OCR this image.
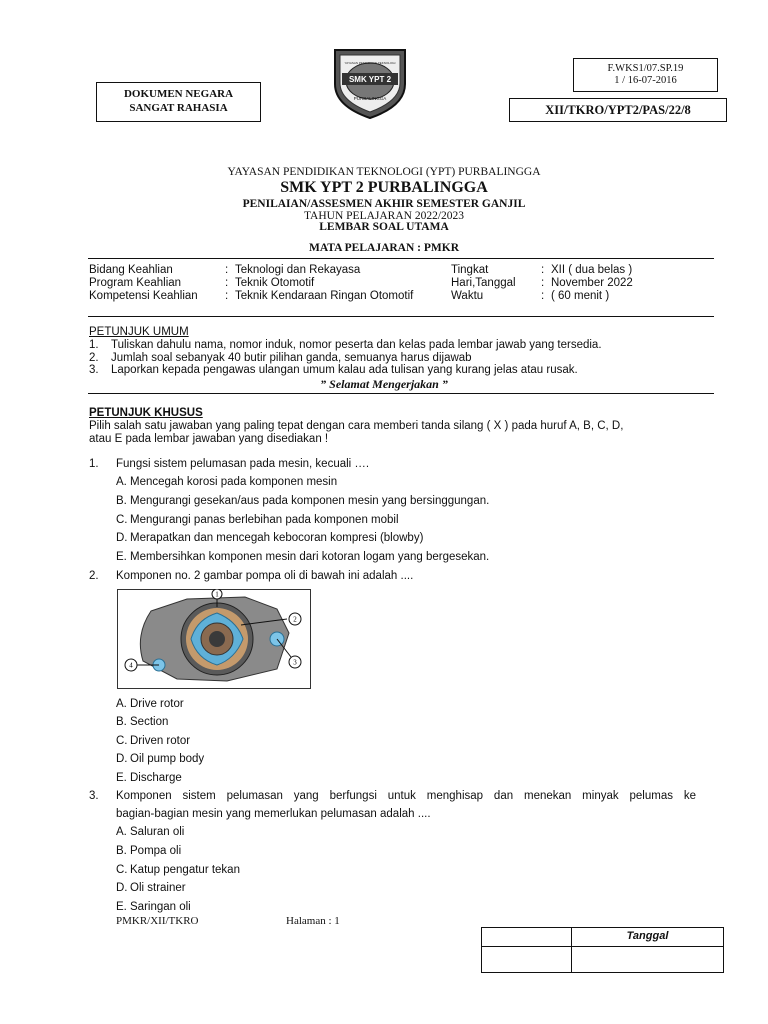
DOKUMEN NEGARA
SANGAT RAHASIA
F.WKS1/07.SP.19
1 / 16-07-2016
XII/TKRO/YPT2/PAS/22/8
SMK YPT 2
YAYASAN PENDIDIKAN TEKNOLOGI
PURBALINGGA
YAYASAN PENDIDIKAN TEKNOLOGI (YPT) PURBALINGGA
SMK YPT 2 PURBALINGGA
PENILAIAN/ASSESMEN AKHIR SEMESTER GANJIL
TAHUN PELAJARAN 2022/2023
LEMBAR SOAL UTAMA
MATA PELAJARAN : PMKR
Bidang Keahlian	:	Teknologi dan Rekayasa	Tingkat	:	XII ( dua belas )
Program Keahlian	:	Teknik Otomotif	Hari,Tanggal	:	November 2022
Kompetensi Keahlian	:	Teknik Kendaraan Ringan Otomotif	Waktu	:	( 60 menit )
PETUNJUK UMUM
1. Tuliskan dahulu nama, nomor induk, nomor peserta dan kelas pada lembar jawab yang tersedia.
2. Jumlah soal sebanyak 40 butir pilihan ganda, semuanya harus dijawab
3. Laporkan kepada pengawas ulangan umum kalau ada tulisan yang kurang jelas atau rusak.
” Selamat Mengerjakan ”
PETUNJUK KHUSUS
Pilih salah satu jawaban yang paling tepat dengan cara memberi tanda silang ( X ) pada huruf A, B, C, D,
atau E pada lembar jawaban yang disediakan !
1. Fungsi sistem pelumasan pada mesin, kecuali ….
A. Mencegah korosi pada komponen mesin
B. Mengurangi gesekan/aus pada komponen mesin yang bersinggungan.
C. Mengurangi panas berlebihan pada komponen mobil
D. Merapatkan dan mencegah kebocoran kompresi (blowby)
E. Membersihkan komponen mesin dari kotoran logam yang bergesekan.
2. Komponen no. 2 gambar pompa oli di bawah ini adalah ....
1
2
3
4
A. Drive rotor
B. Section
C. Driven rotor
D. Oil pump body
E. Discharge
3. Komponen sistem pelumasan yang berfungsi untuk menghisap dan menekan minyak pelumas ke
bagian-bagian mesin yang memerlukan pelumasan adalah ....
A. Saluran oli
B. Pompa oli
C. Katup pengatur tekan
D. Oli strainer
E. Saringan oli
PMKR/XII/TKRO	Halaman : 1
Tanggal
